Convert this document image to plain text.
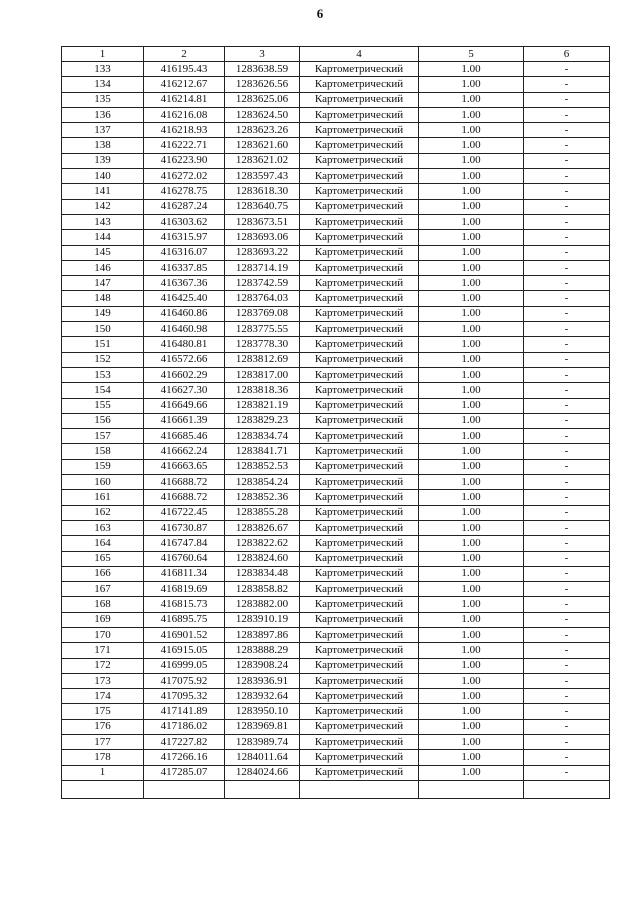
6
1	2	3	4	5	6
133	416195.43	1283638.59	Картометрический	1.00	-
134	416212.67	1283626.56	Картометрический	1.00	-
135	416214.81	1283625.06	Картометрический	1.00	-
136	416216.08	1283624.50	Картометрический	1.00	-
137	416218.93	1283623.26	Картометрический	1.00	-
138	416222.71	1283621.60	Картометрический	1.00	-
139	416223.90	1283621.02	Картометрический	1.00	-
140	416272.02	1283597.43	Картометрический	1.00	-
141	416278.75	1283618.30	Картометрический	1.00	-
142	416287.24	1283640.75	Картометрический	1.00	-
143	416303.62	1283673.51	Картометрический	1.00	-
144	416315.97	1283693.06	Картометрический	1.00	-
145	416316.07	1283693.22	Картометрический	1.00	-
146	416337.85	1283714.19	Картометрический	1.00	-
147	416367.36	1283742.59	Картометрический	1.00	-
148	416425.40	1283764.03	Картометрический	1.00	-
149	416460.86	1283769.08	Картометрический	1.00	-
150	416460.98	1283775.55	Картометрический	1.00	-
151	416480.81	1283778.30	Картометрический	1.00	-
152	416572.66	1283812.69	Картометрический	1.00	-
153	416602.29	1283817.00	Картометрический	1.00	-
154	416627.30	1283818.36	Картометрический	1.00	-
155	416649.66	1283821.19	Картометрический	1.00	-
156	416661.39	1283829.23	Картометрический	1.00	-
157	416685.46	1283834.74	Картометрический	1.00	-
158	416662.24	1283841.71	Картометрический	1.00	-
159	416663.65	1283852.53	Картометрический	1.00	-
160	416688.72	1283854.24	Картометрический	1.00	-
161	416688.72	1283852.36	Картометрический	1.00	-
162	416722.45	1283855.28	Картометрический	1.00	-
163	416730.87	1283826.67	Картометрический	1.00	-
164	416747.84	1283822.62	Картометрический	1.00	-
165	416760.64	1283824.60	Картометрический	1.00	-
166	416811.34	1283834.48	Картометрический	1.00	-
167	416819.69	1283858.82	Картометрический	1.00	-
168	416815.73	1283882.00	Картометрический	1.00	-
169	416895.75	1283910.19	Картометрический	1.00	-
170	416901.52	1283897.86	Картометрический	1.00	-
171	416915.05	1283888.29	Картометрический	1.00	-
172	416999.05	1283908.24	Картометрический	1.00	-
173	417075.92	1283936.91	Картометрический	1.00	-
174	417095.32	1283932.64	Картометрический	1.00	-
175	417141.89	1283950.10	Картометрический	1.00	-
176	417186.02	1283969.81	Картометрический	1.00	-
177	417227.82	1283989.74	Картометрический	1.00	-
178	417266.16	1284011.64	Картометрический	1.00	-
1	417285.07	1284024.66	Картометрический	1.00	-
